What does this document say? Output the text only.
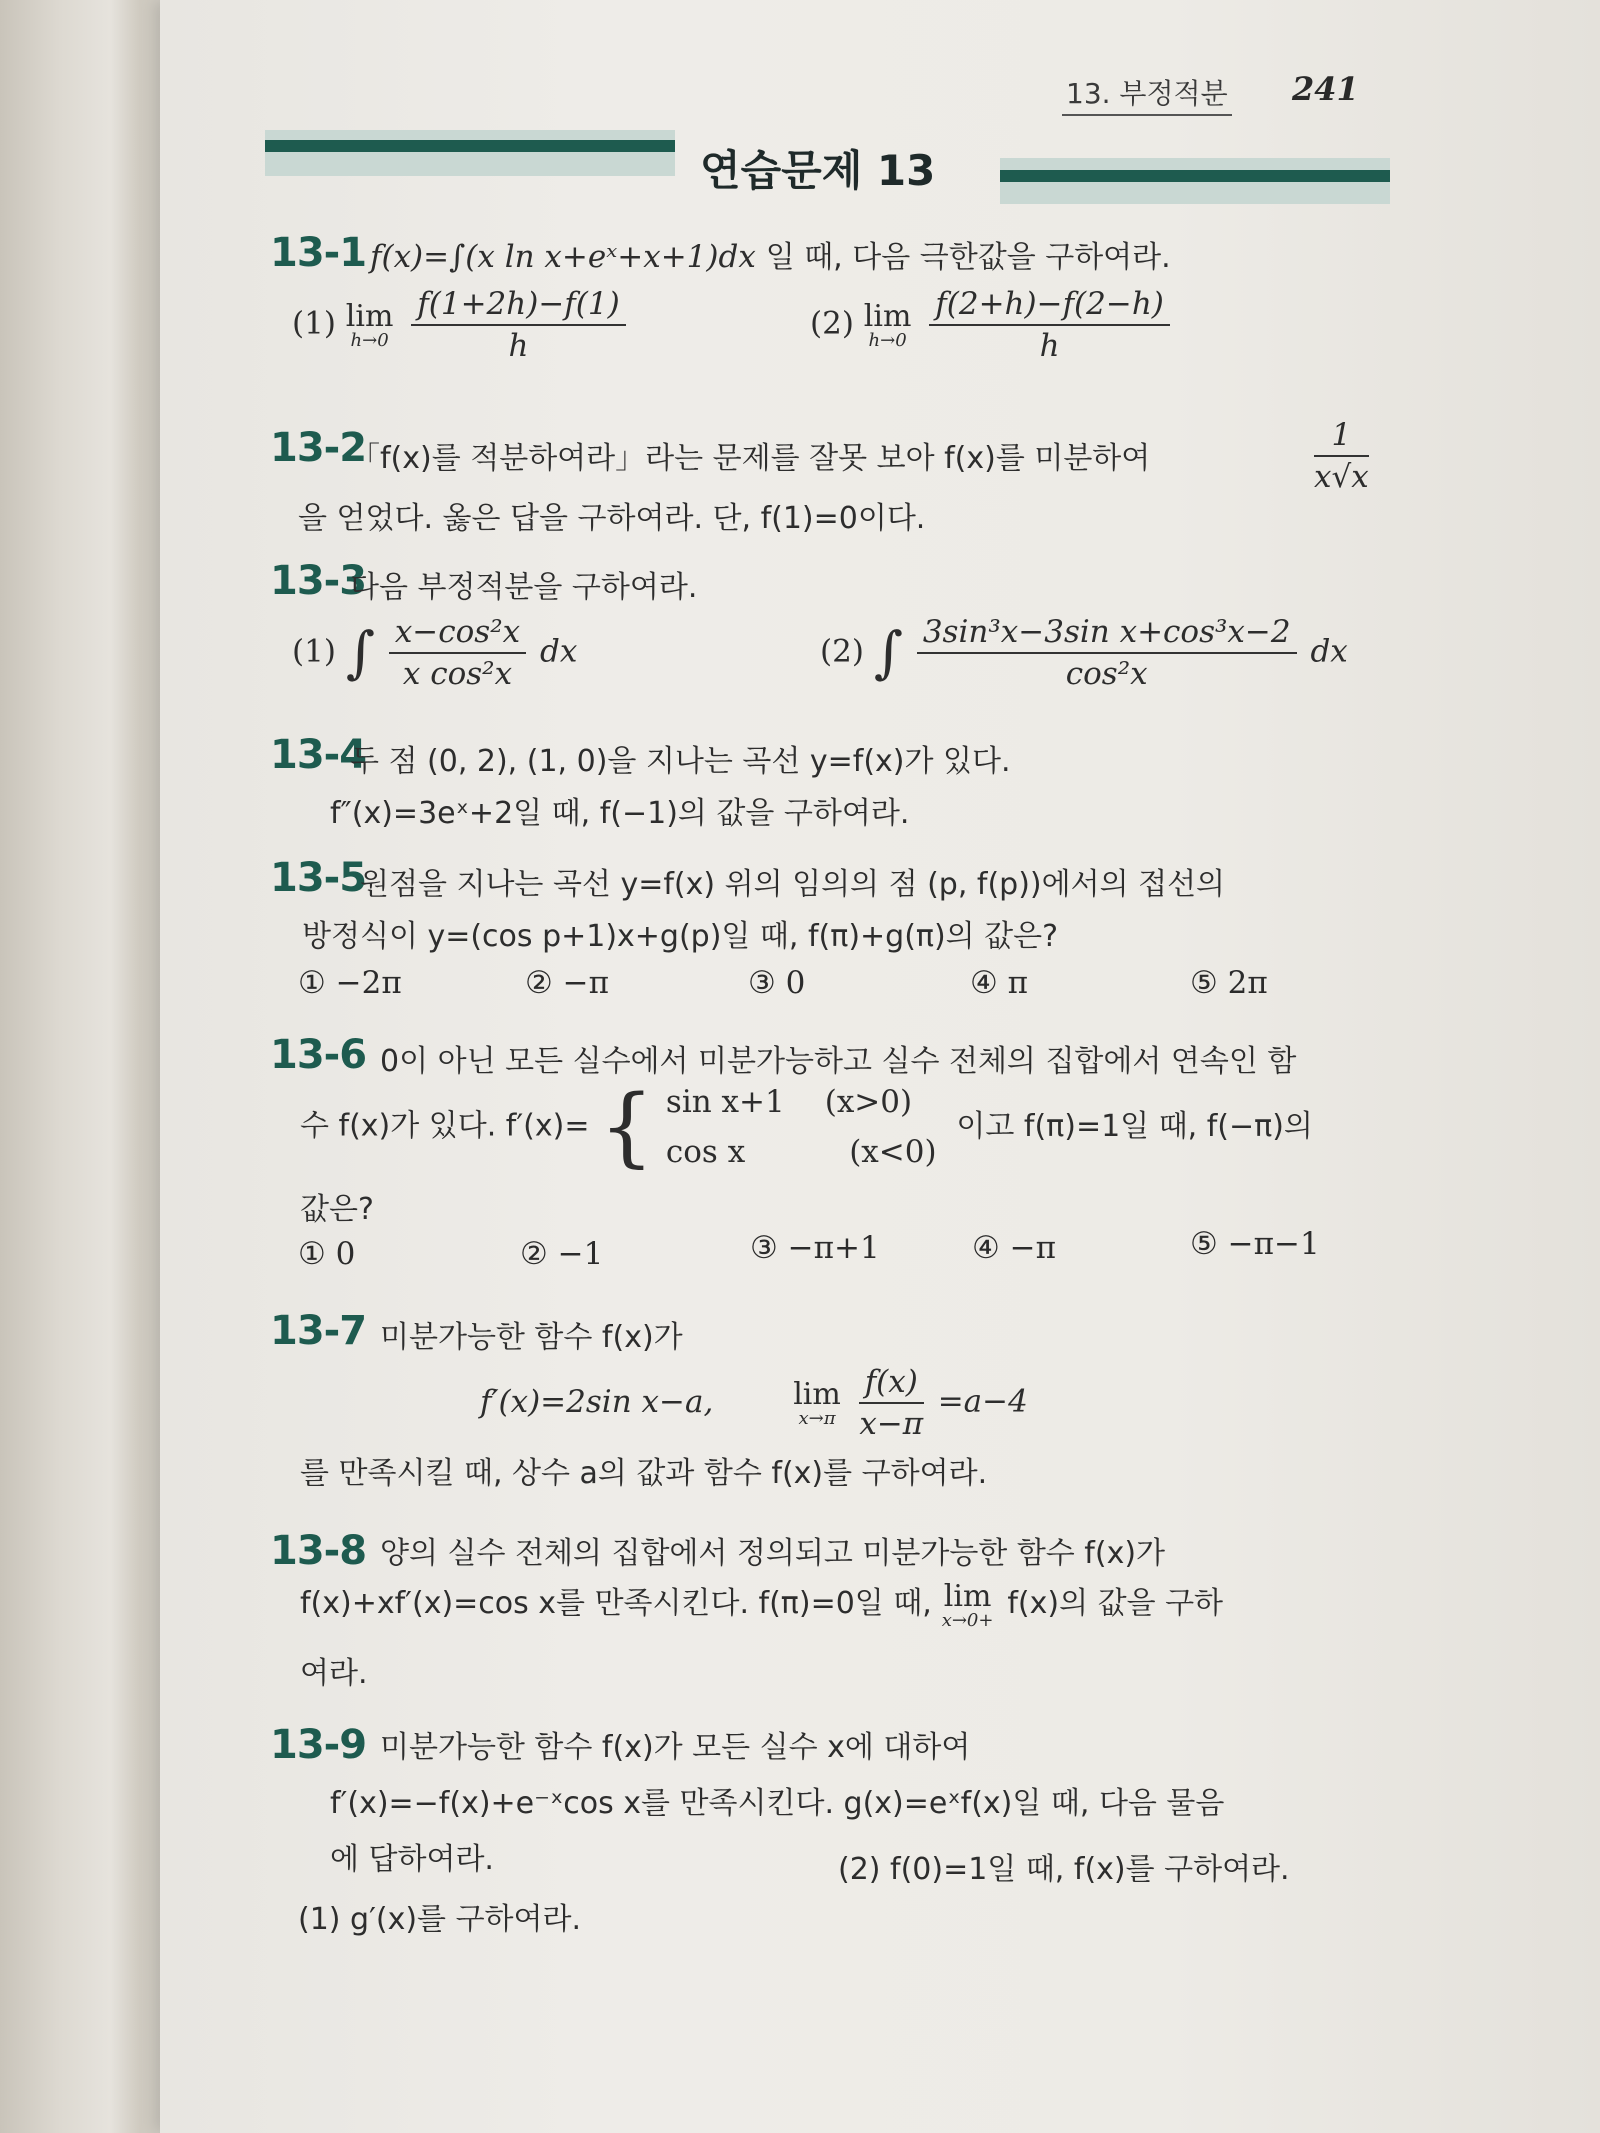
13. 부정적분 241
연습문제 13
13-1 f(x)=∫(x ln x+eˣ+x+1)dx 일 때, 다음 극한값을 구하여라.
(1) lim
h→0
$\frac{f(1+2h)-f(1)}{h}$	(2) lim
h→0
$\frac{f(2+h)-f(2-h)}{h}$
13-2
「f(x)를 적분하여라」라는 문제를 잘못 보아 f(x)를 미분하여	$\frac{1}{x√x}$
을 얻었다. 옳은 답을 구하여라. 단, f(1)=0이다.
13-3
다음 부정적분을 구하여라.
(1) ∫ $\frac{\text{x−cos²x}}{\text{x cos²x}}$ dx	(2) ∫ $\frac{\text{3sin³x−3sin x+cos³x−2}}{\text{cos²x}}$ dx
13-4
두 점 (0, 2), (1, 0)을 지나는 곡선 y=f(x)가 있다.
f″(x)=3eˣ+2일 때, f(−1)의 값을 구하여라.
13-5
원점을 지나는 곡선 y=f(x) 위의 임의의 점 (p, f(p))에서의 접선의
방정식이 y=(cos p+1)x+g(p)일 때, f(π)+g(π)의 값은?
① −2π	② −π	③ 0	④ π	⑤ 2π
13-6 0이 아닌 모든 실수에서 미분가능하고 실수 전체의 집합에서 연속인 함
수 f(x)가 있다. f′(x)= { sin x+1 (x>0)
cos x	(x<0)
이고 f(π)=1일 때, f(−π)의
값은?
① 0	② −1	③ −π+1	④ −π	⑤ −π−1
13-7 미분가능한 함수 f(x)가
f′(x)=2sin x−a,	lim
x→π
$\frac{f(x)}{x-\pi} =a-4$
를 만족시킬 때, 상수 a의 값과 함수 f(x)를 구하여라.
13-8 양의 실수 전체의 집합에서 정의되고 미분가능한 함수 f(x)가
f(x)+xf′(x)=cos x를 만족시킨다. f(π)=0일 때, lim
x→0+ f(x)의 값을 구하
여라.
13-9 미분가능한 함수 f(x)가 모든 실수 x에 대하여
f′(x)=−f(x)+e⁻ˣcos x를 만족시킨다. g(x)=eˣf(x)일 때, 다음 물음
에 답하여라.
(1) g′(x)를 구하여라.
(2) f(0)=1일 때, f(x)를 구하여라.
